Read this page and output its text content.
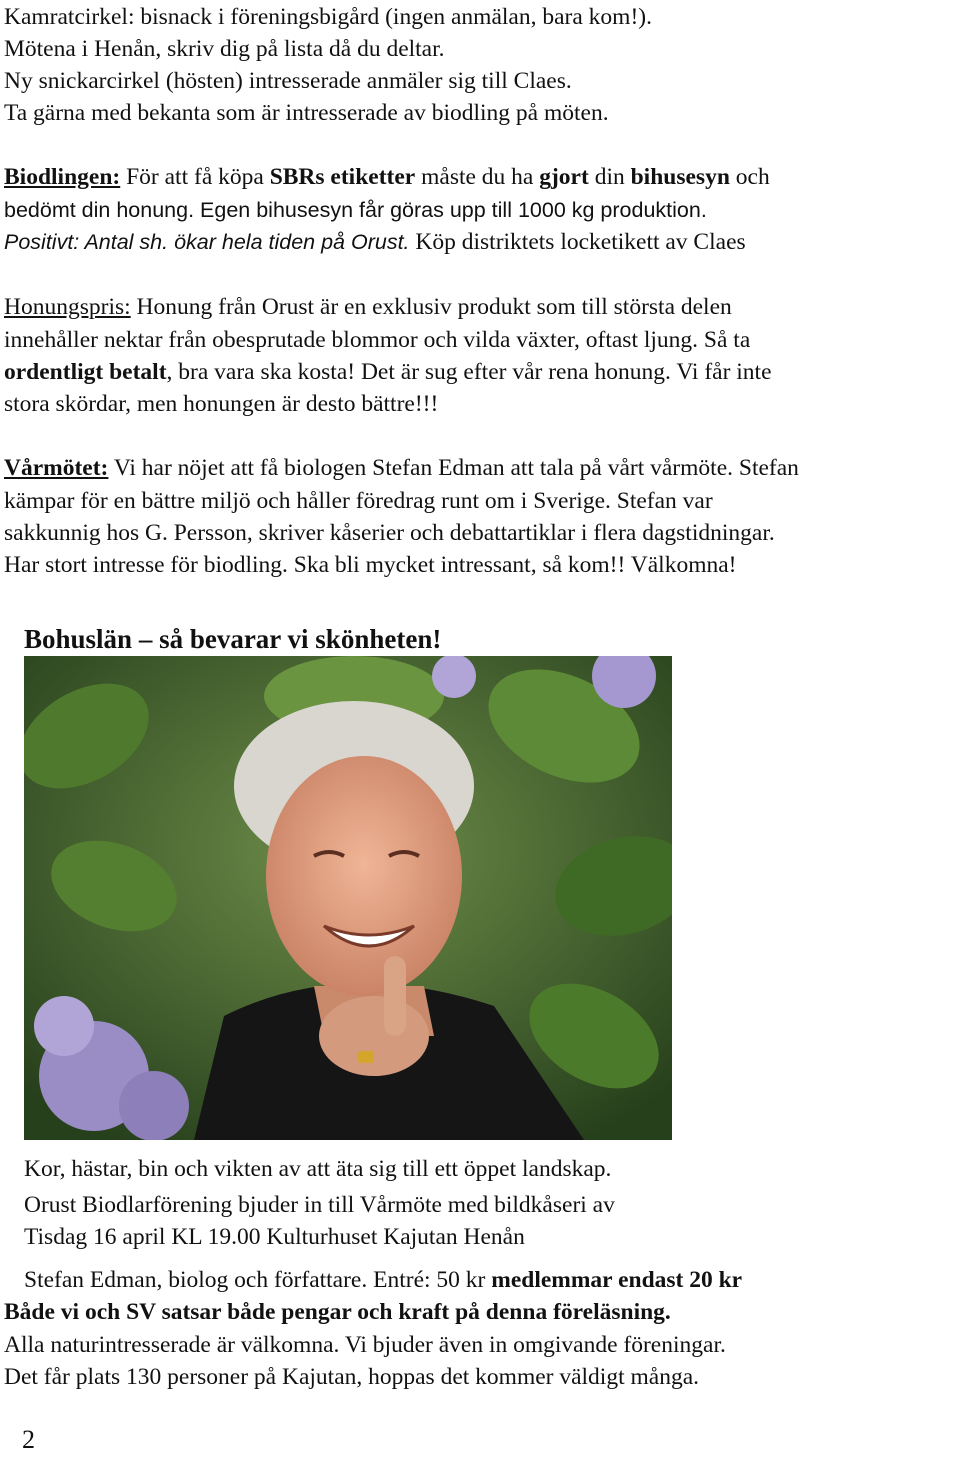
Kamratcirkel: bisnack i föreningsbigård (ingen anmälan, bara kom!).
Mötena i Henån, skriv dig på lista då du deltar.
Ny snickarcirkel (hösten) intresserade anmäler sig till Claes.
Ta gärna med bekanta som är intresserade av biodling på möten.
Biodlingen: För att få köpa SBRs etiketter måste du ha gjort din bihusesyn och
bedömt din honung. Egen bihusesyn får göras upp till 1000 kg produktion.
Positivt: Antal sh. ökar hela tiden på Orust. Köp distriktets locketikett av Claes
Honungspris: Honung från Orust är en exklusiv produkt som till största delen
innehåller nektar från obesprutade blommor och vilda växter, oftast ljung. Så ta
ordentligt betalt, bra vara ska kosta! Det är sug efter vår rena honung. Vi får inte
stora skördar, men honungen är desto bättre!!!
Vårmötet: Vi har nöjet att få biologen Stefan Edman att tala på vårt vårmöte. Stefan
kämpar för en bättre miljö och håller föredrag runt om i Sverige. Stefan var
sakkunnig hos G. Persson, skriver kåserier och debattartiklar i flera dagstidningar.
Har stort intresse för biodling. Ska bli mycket intressant, så kom!! Välkomna!
Bohuslän – så bevarar vi skönheten!
Kor, hästar, bin och vikten av att äta sig till ett öppet landskap.
Orust Biodlarförening bjuder in till Vårmöte med bildkåseri av
Tisdag 16 april KL 19.00 Kulturhuset Kajutan Henån
Stefan Edman, biolog och författare. Entré: 50 kr medlemmar endast 20 kr
Både vi och SV satsar både pengar och kraft på denna föreläsning.
Alla naturintresserade är välkomna. Vi bjuder även in omgivande föreningar.
Det får plats 130 personer på Kajutan, hoppas det kommer väldigt många.
2
